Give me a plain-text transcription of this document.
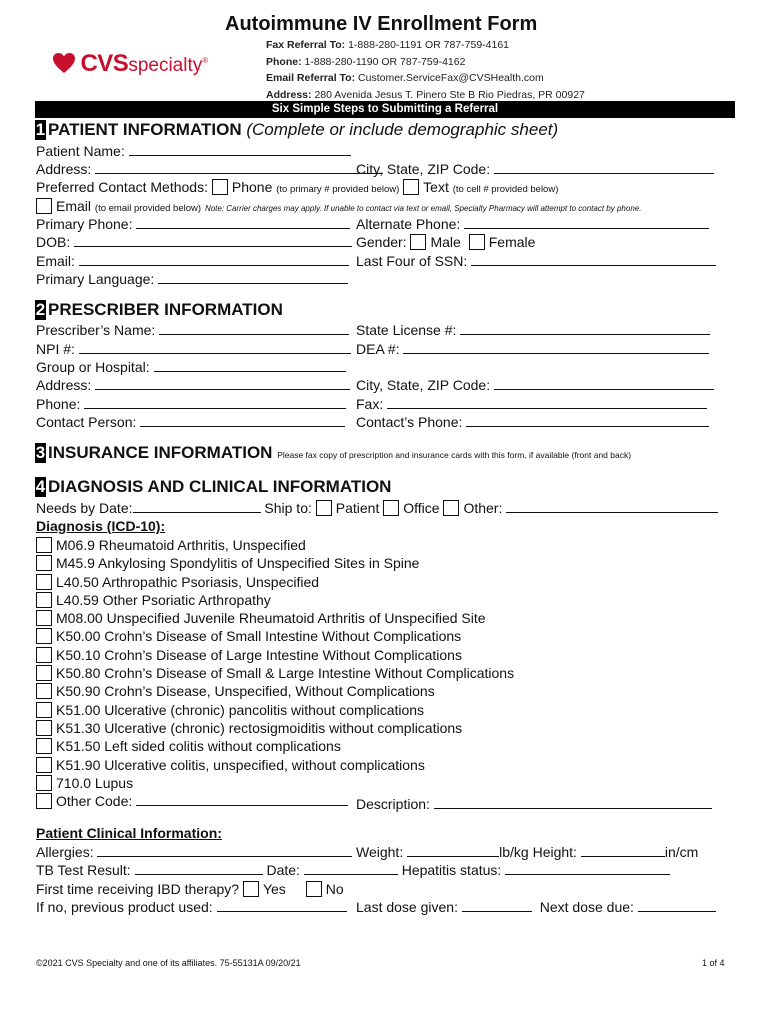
Autoimmune IV Enrollment Form
CVSspecialty®
Fax Referral To: 1-888-280-1191 OR 787-759-4161
Phone: 1-888-280-1190 OR 787-759-4162
Email Referral To: Customer.ServiceFax@CVSHealth.com
Address: 280 Avenida Jesus T. Pinero Ste B Rio Piedras, PR 00927
Six Simple Steps to Submitting a Referral
1 PATIENT INFORMATION (Complete or include demographic sheet)
Patient Name:
Address:	City, State, ZIP Code:
Preferred Contact Methods: Phone (to primary # provided below) Text (to cell # provided below)
Email (to email provided below) Note: Carrier charges may apply. If unable to contact via text or email, Specialty Pharmacy will attempt to contact by phone.
Primary Phone:	Alternate Phone:
DOB:	Gender: Male Female
Email:	Last Four of SSN:
Primary Language:
2 PRESCRIBER INFORMATION
Prescriber’s Name:	State License #:
NPI #:	DEA #:
Group or Hospital:
Address:	City, State, ZIP Code:
Phone:	Fax:
Contact Person:	Contact’s Phone:
3 INSURANCE INFORMATION Please fax copy of prescription and insurance cards with this form, if available (front and back)
4 DIAGNOSIS AND CLINICAL INFORMATION
Needs by Date:	Ship to: Patient Office Other:
Diagnosis (ICD-10):
M06.9 Rheumatoid Arthritis, Unspecified
M45.9 Ankylosing Spondylitis of Unspecified Sites in Spine
L40.50 Arthropathic Psoriasis, Unspecified
L40.59 Other Psoriatic Arthropathy
M08.00 Unspecified Juvenile Rheumatoid Arthritis of Unspecified Site
K50.00 Crohn’s Disease of Small Intestine Without Complications
K50.10 Crohn’s Disease of Large Intestine Without Complications
K50.80 Crohn’s Disease of Small & Large Intestine Without Complications
K50.90 Crohn’s Disease, Unspecified, Without Complications
K51.00 Ulcerative (chronic) pancolitis without complications
K51.30 Ulcerative (chronic) rectosigmoiditis without complications
K51.50 Left sided colitis without complications
K51.90 Ulcerative colitis, unspecified, without complications
710.0 Lupus
Other Code:	Description:
Patient Clinical Information:
Allergies:	Weight:	lb/kg Height:	in/cm
TB Test Result:	Date:	Hepatitis status:
First time receiving IBD therapy? Yes	No
If no, previous product used:	Last dose given:	Next dose due:
©2021 CVS Specialty and one of its affiliates. 75-55131A 09/20/21	1 of 4
